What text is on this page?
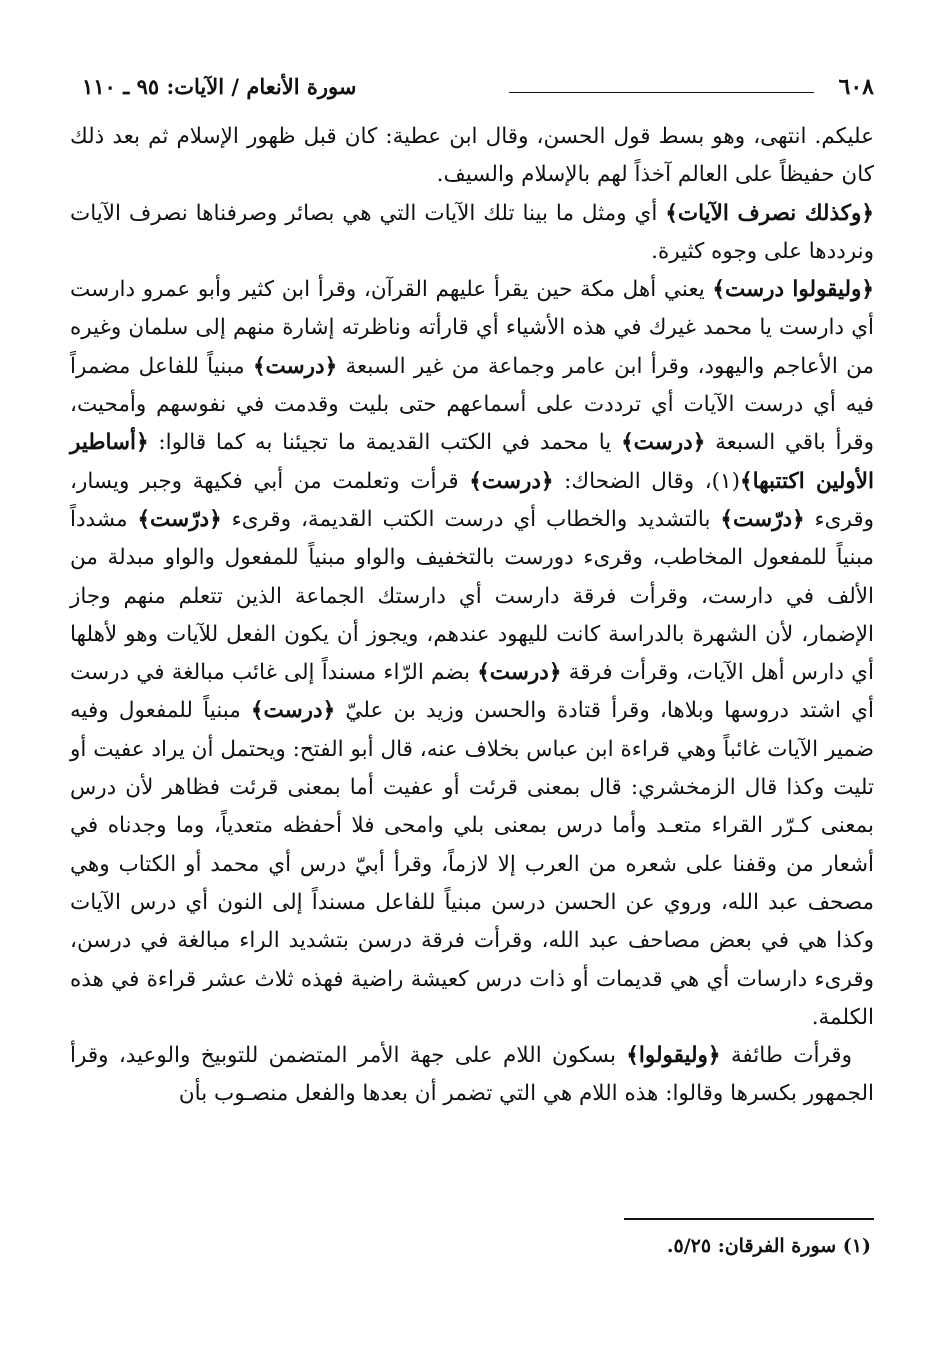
٦٠٨
سورة الأنعام / الآيات: ٩٥ ـ ١١٠

عليكم. انتهى، وهو بسط قول الحسن، وقال ابن عطية: كان قبل ظهور الإسلام ثم بعد ذلك كان حفيظاً على العالم آخذاً لهم بالإسلام والسيف.

﴿وكذلك نصرف الآيات﴾ أي ومثل ما بينا تلك الآيات التي هي بصائر وصرفناها نصرف الآيات ونرددها على وجوه كثيرة.

﴿وليقولوا درست﴾ يعني أهل مكة حين يقرأ عليهم القرآن، وقرأ ابن كثير وأبو عمرو دارست أي دارست يا محمد غيرك في هذه الأشياء أي قارأته وناظرته إشارة منهم إلى سلمان وغيره من الأعاجم واليهود، وقرأ ابن عامر وجماعة من غير السبعة ﴿درست﴾ مبنياً للفاعل مضمراً فيه أي درست الآيات أي ترددت على أسماعهم حتى بليت وقدمت في نفوسهم وأمحيت، وقرأ باقي السبعة ﴿درست﴾ يا محمد في الكتب القديمة ما تجيئنا به كما قالوا: ﴿أساطير الأولين اكتتبها﴾(١)، وقال الضحاك: ﴿درست﴾ قرأت وتعلمت من أبي فكيهة وجبر ويسار، وقرىء ﴿درّست﴾ بالتشديد والخطاب أي درست الكتب القديمة، وقرىء ﴿درّست﴾ مشدداً مبنياً للمفعول المخاطب، وقرىء دورست بالتخفيف والواو مبنياً للمفعول والواو مبدلة من الألف في دارست، وقرأت فرقة دارست أي دارستك الجماعة الذين تتعلم منهم وجاز الإضمار، لأن الشهرة بالدراسة كانت لليهود عندهم، ويجوز أن يكون الفعل للآيات وهو لأهلها أي دارس أهل الآيات، وقرأت فرقة ﴿درست﴾ بضم الرّاء مسنداً إلى غائب مبالغة في درست أي اشتد دروسها وبلاها، وقرأ قتادة والحسن وزيد بن عليّ ﴿درست﴾ مبنياً للمفعول وفيه ضمير الآيات غائباً وهي قراءة ابن عباس بخلاف عنه، قال أبو الفتح: ويحتمل أن يراد عفيت أو تليت وكذا قال الزمخشري: قال بمعنى قرئت أو عفيت أما بمعنى قرئت فظاهر لأن درس بمعنى كـرّر القراء متعـد وأما درس بمعنى بلي وامحى فلا أحفظه متعدياً، وما وجدناه في أشعار من وقفنا على شعره من العرب إلا لازماً، وقرأ أبيّ درس أي محمد أو الكتاب وهي مصحف عبد الله، وروي عن الحسن درسن مبنياً للفاعل مسنداً إلى النون أي درس الآيات وكذا هي في بعض مصاحف عبد الله، وقرأت فرقة درسن بتشديد الراء مبالغة في درسن، وقرىء دارسات أي هي قديمات أو ذات درس كعيشة راضية فهذه ثلاث عشر قراءة في هذه الكلمة.

وقرأت طائفة ﴿وليقولوا﴾ بسكون اللام على جهة الأمر المتضمن للتوبيخ والوعيد، وقرأ الجمهور بكسرها وقالوا: هذه اللام هي التي تضمر أن بعدها والفعل منصـوب بأن

(١) سورة الفرقان: ٥/٢٥.
